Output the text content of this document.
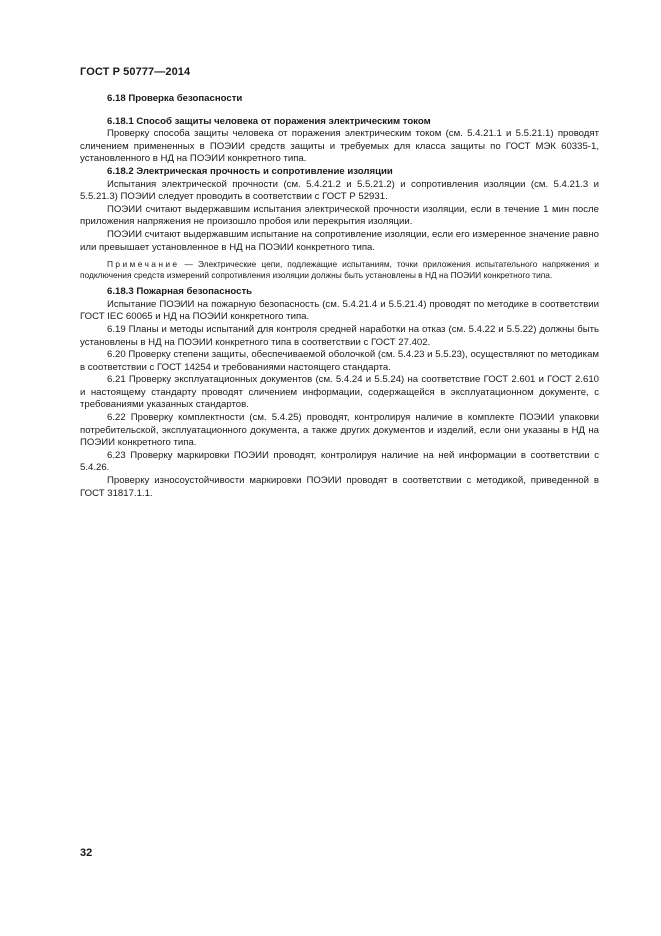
ГОСТ Р 50777—2014

6.18 Проверка безопасности

6.18.1 Способ защиты человека от поражения электрическим током

Проверку способа защиты человека от поражения электрическим током (см. 5.4.21.1 и 5.5.21.1) проводят сличением примененных в ПОЭИИ средств защиты и требуемых для класса защиты по ГОСТ МЭК 60335-1, установленного в НД на ПОЭИИ конкретного типа.

6.18.2 Электрическая прочность и сопротивление изоляции

Испытания электрической прочности (см. 5.4.21.2 и 5.5.21.2) и сопротивления изоляции (см. 5.4.21.3 и 5.5.21.3) ПОЭИИ следует проводить в соответствии с ГОСТ Р 52931.

ПОЭИИ считают выдержавшим испытания электрической прочности изоляции, если в течение 1 мин после приложения напряжения не произошло пробоя или перекрытия изоляции.

ПОЭИИ считают выдержавшим испытание на сопротивление изоляции, если его измеренное значение равно или превышает установленное в НД на ПОЭИИ конкретного типа.

Примечание — Электрические цепи, подлежащие испытаниям, точки приложения испытательного напряжения и подключения средств измерений сопротивления изоляции должны быть установлены в НД на ПОЭИИ конкретного типа.

6.18.3 Пожарная безопасность

Испытание ПОЭИИ на пожарную безопасность (см. 5.4.21.4 и 5.5.21.4) проводят по методике в соответствии ГОСТ IEC 60065 и НД на ПОЭИИ конкретного типа.

6.19 Планы и методы испытаний для контроля средней наработки на отказ (см. 5.4.22 и 5.5.22) должны быть установлены в НД на ПОЭИИ конкретного типа в соответствии с ГОСТ 27.402.

6.20 Проверку степени защиты, обеспечиваемой оболочкой (см. 5.4.23 и 5.5.23), осуществляют по методикам в соответствии с ГОСТ 14254 и требованиями настоящего стандарта.

6.21 Проверку эксплуатационных документов (см. 5.4.24 и 5.5.24) на соответствие ГОСТ 2.601 и ГОСТ 2.610 и настоящему стандарту проводят сличением информации, содержащейся в эксплуатационном документе, с требованиями указанных стандартов.

6.22 Проверку комплектности (см. 5.4.25) проводят, контролируя наличие в комплекте ПОЭИИ упаковки потребительской, эксплуатационного документа, а также других документов и изделий, если они указаны в НД на ПОЭИИ конкретного типа.

6.23 Проверку маркировки ПОЭИИ проводят, контролируя наличие на ней информации в соответствии с 5.4.26.

Проверку износоустойчивости маркировки ПОЭИИ проводят в соответствии с методикой, приведенной в ГОСТ 31817.1.1.

32
